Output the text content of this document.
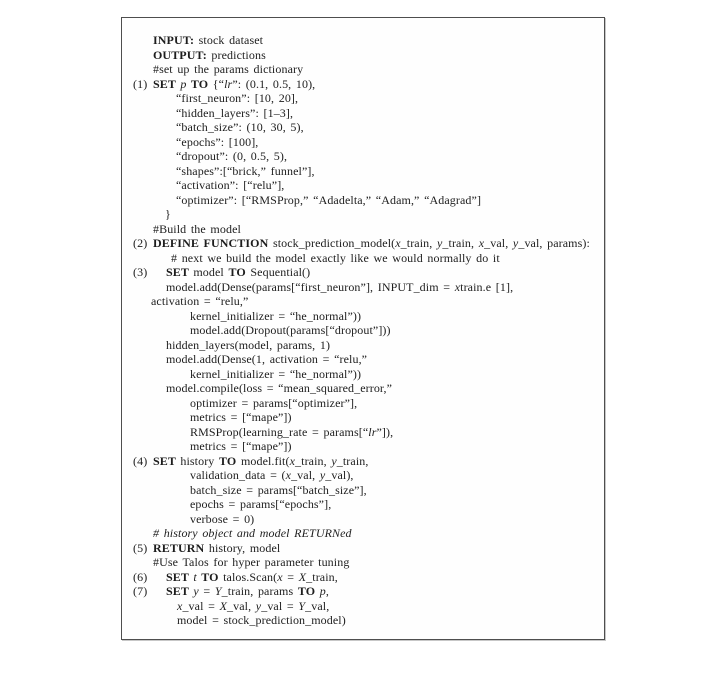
INPUT: stock dataset
OUTPUT: predictions
#set up the params dictionary
(1) SET p TO {“lr”: (0.1, 0.5, 10),
“first_neuron”: [10, 20],
“hidden_layers”: [1–3],
“batch_size”: (10, 30, 5),
“epochs”: [100],
“dropout”: (0, 0.5, 5),
“shapes”:[“brick,” funnel”],
“activation”: [“relu”],
“optimizer”: [“RMSProp,” “Adadelta,” “Adam,” “Adagrad”]
}
#Build the model
(2) DEFINE FUNCTION stock_prediction_model(x_train, y_train, x_val, y_val, params):
# next we build the model exactly like we would normally do it
(3) SET model TO Sequential()
model.add(Dense(params[“first_neuron”], INPUT_dim = xtrain.e [1],
activation = “relu,”
kernel_initializer = “he_normal”))
model.add(Dropout(params[“dropout”]))
hidden_layers(model, params, 1)
model.add(Dense(1, activation = “relu,”
kernel_initializer = “he_normal”))
model.compile(loss = “mean_squared_error,”
optimizer = params[“optimizer”],
metrics = [“mape”])
RMSProp(learning_rate = params[“lr”]),
metrics = [“mape”])
(4) SET history TO model.fit(x_train, y_train,
validation_data = (x_val, y_val),
batch_size = params[“batch_size”],
epochs = params[“epochs”],
verbose = 0)
# history object and model RETURNed
(5) RETURN history, model
#Use Talos for hyper parameter tuning
(6) SET t TO talos.Scan(x = X_train,
(7) SET y = Y_train, params TO p,
x_val = X_val, y_val = Y_val,
model = stock_prediction_model)
